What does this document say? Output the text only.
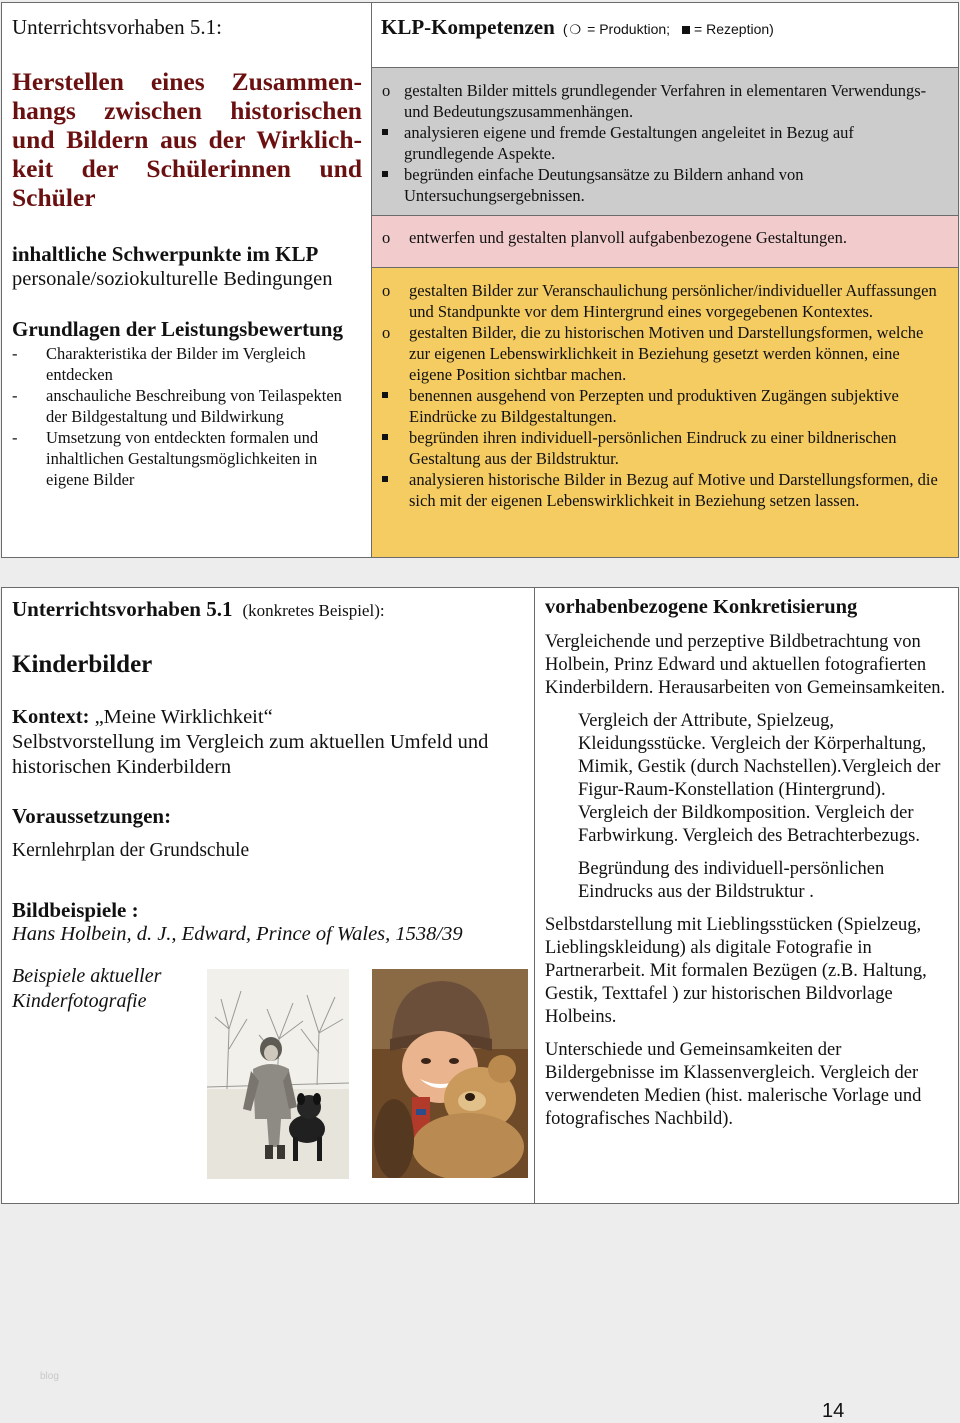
Unterrichtsvorhaben 5.1:
Herstellen eines Zusammen-hangs zwischen historischen und Bildern aus der Wirklich-keit der Schülerinnen und Schüler
inhaltliche Schwerpunkte im KLP
personale/soziokulturelle Bedingungen
Grundlagen der Leistungsbewertung
- Charakteristika der Bilder im Vergleich entdecken
- anschauliche Beschreibung von Teilaspekten der Bildgestaltung und Bildwirkung
- Umsetzung von entdeckten formalen und inhaltlichen Gestaltungsmöglichkeiten in eigene Bilder
KLP-Kompetenzen ( ❍ = Produktion; = Rezeption)
o gestalten Bilder mittels grundlegender Verfahren in elementaren Verwendungs- und Bedeutungszusammenhängen.
analysieren eigene und fremde Gestaltungen angeleitet in Bezug auf grundlegende Aspekte.
begründen einfache Deutungsansätze zu Bildern anhand von Untersuchungsergebnissen.
o entwerfen und gestalten planvoll aufgabenbezogene Gestaltungen.
o gestalten Bilder zur Veranschaulichung persönlicher/individueller Auffassungen und Standpunkte vor dem Hintergrund eines vorgegebenen Kontextes.
o gestalten Bilder, die zu historischen Motiven und Darstellungsformen, welche zur eigenen Lebenswirklichkeit in Beziehung gesetzt werden können, eine eigene Position sichtbar machen.
benennen ausgehend von Perzepten und produktiven Zugängen subjektive Eindrücke zu Bildgestaltungen.
begründen ihren individuell-persönlichen Eindruck zu einer bildnerischen Gestaltung aus der Bildstruktur.
analysieren historische Bilder in Bezug auf Motive und Darstellungsformen, die sich mit der eigenen Lebenswirklichkeit in Beziehung setzen lassen.
Unterrichtsvorhaben 5.1 (konkretes Beispiel):
Kinderbilder
Kontext: „Meine Wirklichkeit“
Selbstvorstellung im Vergleich zum aktuellen Umfeld und historischen Kinderbildern
Voraussetzungen:
Kernlehrplan der Grundschule
Bildbeispiele :
Hans Holbein, d. J., Edward, Prince of Wales, 1538/39
Beispiele aktueller Kinderfotografie
vorhabenbezogene Konkretisierung

Vergleichende und perzeptive Bildbetrachtung von Holbein, Prinz Edward und aktuellen fotografierten Kinderbildern. Herausarbeiten von Gemeinsamkeiten.

Vergleich der Attribute, Spielzeug, Kleidungsstücke. Vergleich der Körperhaltung, Mimik, Gestik (durch Nachstellen).Vergleich der Figur-Raum-Konstellation (Hintergrund). Vergleich der Bildkomposition. Vergleich der Farbwirkung. Vergleich des Betrachterbezugs.

Begründung des individuell-persönlichen Eindrucks aus der Bildstruktur .

Selbstdarstellung mit Lieblingsstücken (Spielzeug, Lieblingskleidung) als digitale Fotografie in Partnerarbeit. Mit formalen Bezügen (z.B. Haltung, Gestik, Texttafel ) zur historischen Bildvorlage Holbeins.

Unterschiede und Gemeinsamkeiten der Bildergebnisse im Klassenvergleich. Vergleich der verwendeten Medien (hist. malerische Vorlage und fotografisches Nachbild).

blog
14
